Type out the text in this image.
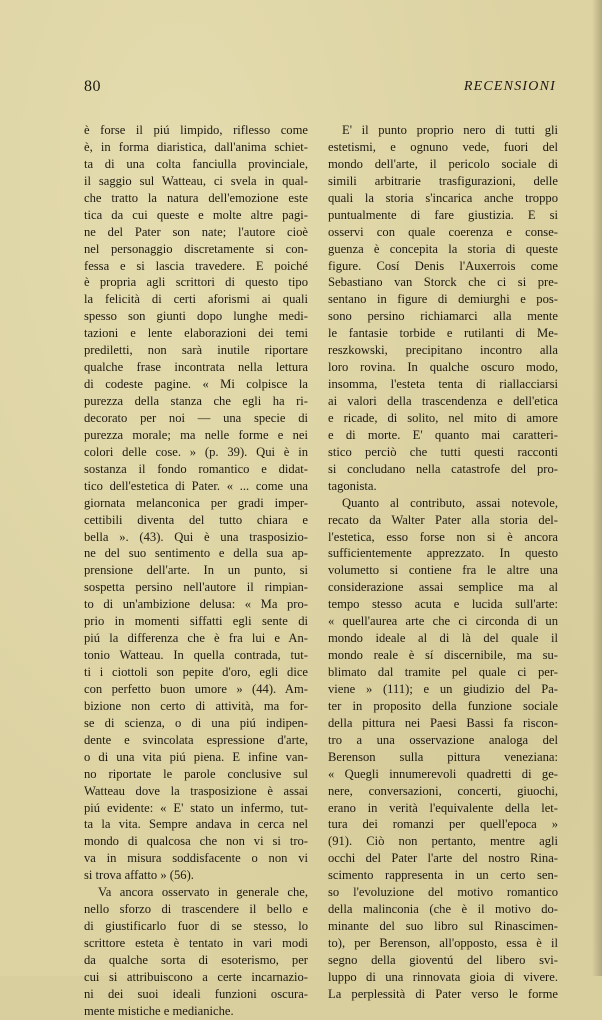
80	RECENSIONI
è forse il piú limpido, riflesso come
è, in forma diaristica, dall'anima schiet-
ta di una colta fanciulla provinciale,
il saggio sul Watteau, ci svela in qual-
che tratto la natura dell'emozione este
tica da cui queste e molte altre pagi-
ne del Pater son nate; l'autore cioè
nel personaggio discretamente si con-
fessa e si lascia travedere. E poiché
è propria agli scrittori di questo tipo
la felicità di certi aforismi ai quali
spesso son giunti dopo lunghe medi-
tazioni e lente elaborazioni dei temi
prediletti, non sarà inutile riportare
qualche frase incontrata nella lettura
di codeste pagine. « Mi colpisce la
purezza della stanza che egli ha ri-
decorato per noi — una specie di
purezza morale; ma nelle forme e nei
colori delle cose. » (p. 39). Qui è in
sostanza il fondo romantico e didat-
tico dell'estetica di Pater. « ... come una
giornata melanconica per gradi imper-
cettibili diventa del tutto chiara e
bella ». (43). Qui è una trasposizio-
ne del suo sentimento e della sua ap-
prensione dell'arte. In un punto, si
sospetta persino nell'autore il rimpian-
to di un'ambizione delusa: « Ma pro-
prio in momenti siffatti egli sente di
piú la differenza che è fra lui e An-
tonio Watteau. In quella contrada, tut-
ti i ciottoli son pepite d'oro, egli dice
con perfetto buon umore » (44). Am-
bizione non certo di attività, ma for-
se di scienza, o di una piú indipen-
dente e svincolata espressione d'arte,
o di una vita piú piena. E infine van-
no riportate le parole conclusive sul
Watteau dove la trasposizione è assai
piú evidente: « E' stato un infermo, tut-
ta la vita. Sempre andava in cerca nel
mondo di qualcosa che non vi si tro-
va in misura soddisfacente o non vi
si trova affatto » (56).
Va ancora osservato in generale che,
nello sforzo di trascendere il bello e
di giustificarlo fuor di se stesso, lo
scrittore esteta è tentato in vari modi
da qualche sorta di esoterismo, per
cui si attribuiscono a certe incarnazio-
ni dei suoi ideali funzioni oscura-
mente mistiche e medianiche.
E' il punto proprio nero di tutti gli
estetismi, e ognuno vede, fuori del
mondo dell'arte, il pericolo sociale di
simili arbitrarie trasfigurazioni, delle
quali la storia s'incarica anche troppo
puntualmente di fare giustizia. E si
osservi con quale coerenza e conse-
guenza è concepita la storia di queste
figure. Cosí Denis l'Auxerrois come
Sebastiano van Storck che ci si pre-
sentano in figure di demiurghi e pos-
sono persino richiamarci alla mente
le fantasie torbide e rutilanti di Me-
reszkowski, precipitano incontro alla
loro rovina. In qualche oscuro modo,
insomma, l'esteta tenta di riallacciarsi
ai valori della trascendenza e dell'etica
e ricade, di solito, nel mito di amore
e di morte. E' quanto mai caratteri-
stico perciò che tutti questi racconti
si concludano nella catastrofe del pro-
tagonista.
Quanto al contributo, assai notevole,
recato da Walter Pater alla storia del-
l'estetica, esso forse non si è ancora
sufficientemente apprezzato. In questo
volumetto si contiene fra le altre una
considerazione assai semplice ma al
tempo stesso acuta e lucida sull'arte:
« quell'aurea arte che ci circonda di un
mondo ideale al di là del quale il
mondo reale è sí discernibile, ma su-
blimato dal tramite pel quale ci per-
viene » (111); e un giudizio del Pa-
ter in proposito della funzione sociale
della pittura nei Paesi Bassi fa riscon-
tro a una osservazione analoga del
Berenson sulla pittura veneziana:
« Quegli innumerevoli quadretti di ge-
nere, conversazioni, concerti, giuochi,
erano in verità l'equivalente della let-
tura dei romanzi per quell'epoca »
(91). Ciò non pertanto, mentre agli
occhi del Pater l'arte del nostro Rina-
scimento rappresenta in un certo sen-
so l'evoluzione del motivo romantico
della malinconia (che è il motivo do-
minante del suo libro sul Rinascimen-
to), per Berenson, all'opposto, essa è il
segno della gioventú del libero svi-
luppo di una rinnovata gioia di vivere.
La perplessità di Pater verso le forme
